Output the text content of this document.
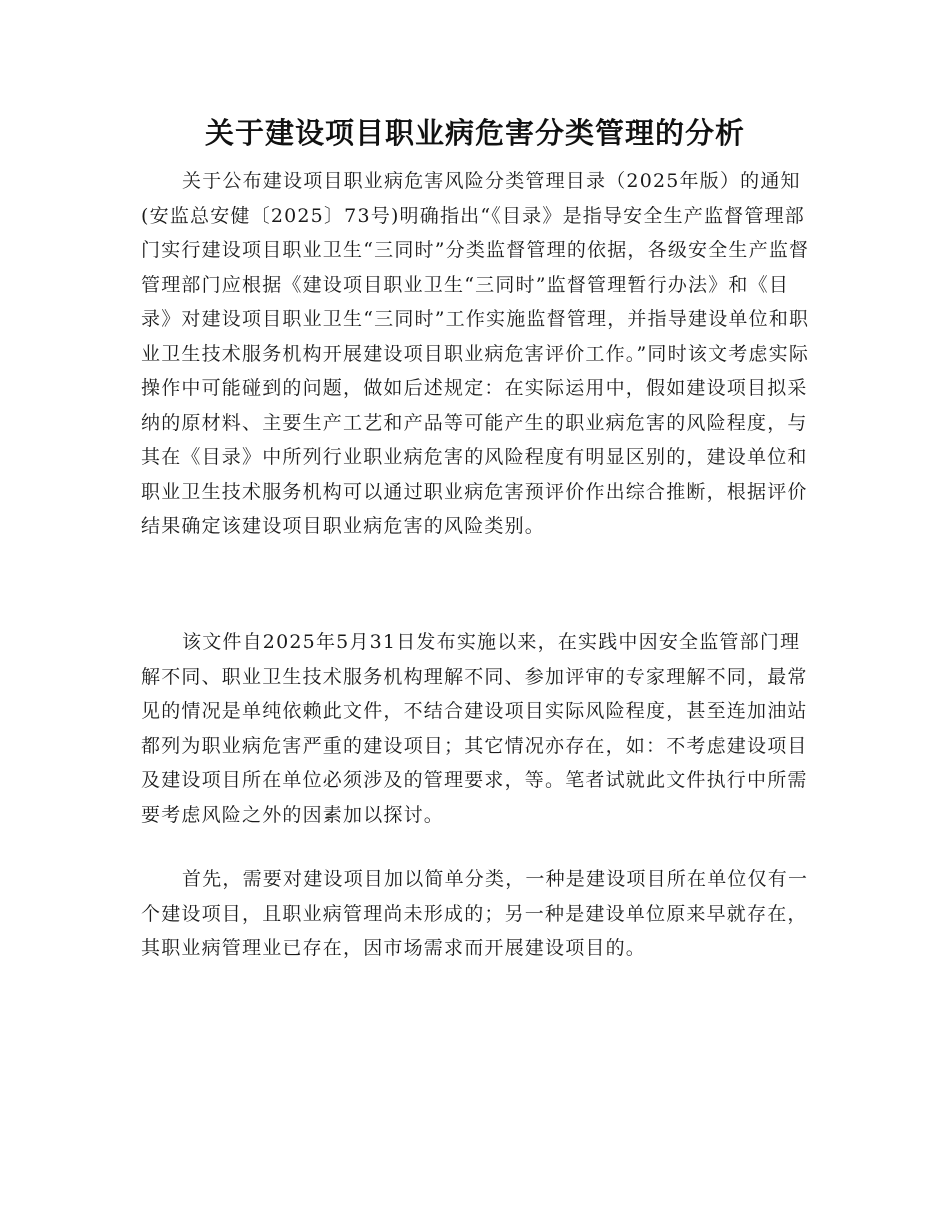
关于建设项目职业病危害分类管理的分析

关于公布建设项目职业病危害风险分类管理目录（2025年版）的通知(安监总安健〔2025〕73号)明确指出“《目录》是指导安全生产监督管理部门实行建设项目职业卫生“三同时”分类监督管理的依据，各级安全生产监督管理部门应根据《建设项目职业卫生“三同时”监督管理暂行办法》和《目录》对建设项目职业卫生“三同时”工作实施监督管理，并指导建设单位和职业卫生技术服务机构开展建设项目职业病危害评价工作。”同时该文考虑实际操作中可能碰到的问题，做如后述规定：在实际运用中，假如建设项目拟采纳的原材料、主要生产工艺和产品等可能产生的职业病危害的风险程度，与其在《目录》中所列行业职业病危害的风险程度有明显区别的，建设单位和职业卫生技术服务机构可以通过职业病危害预评价作出综合推断，根据评价结果确定该建设项目职业病危害的风险类别。

该文件自2025年5月31日发布实施以来，在实践中因安全监管部门理解不同、职业卫生技术服务机构理解不同、参加评审的专家理解不同，最常见的情况是单纯依赖此文件，不结合建设项目实际风险程度，甚至连加油站都列为职业病危害严重的建设项目；其它情况亦存在，如：不考虑建设项目及建设项目所在单位必须涉及的管理要求，等。笔者试就此文件执行中所需要考虑风险之外的因素加以探讨。

首先，需要对建设项目加以简单分类，一种是建设项目所在单位仅有一个建设项目，且职业病管理尚未形成的；另一种是建设单位原来早就存在，其职业病管理业已存在，因市场需求而开展建设项目的。
